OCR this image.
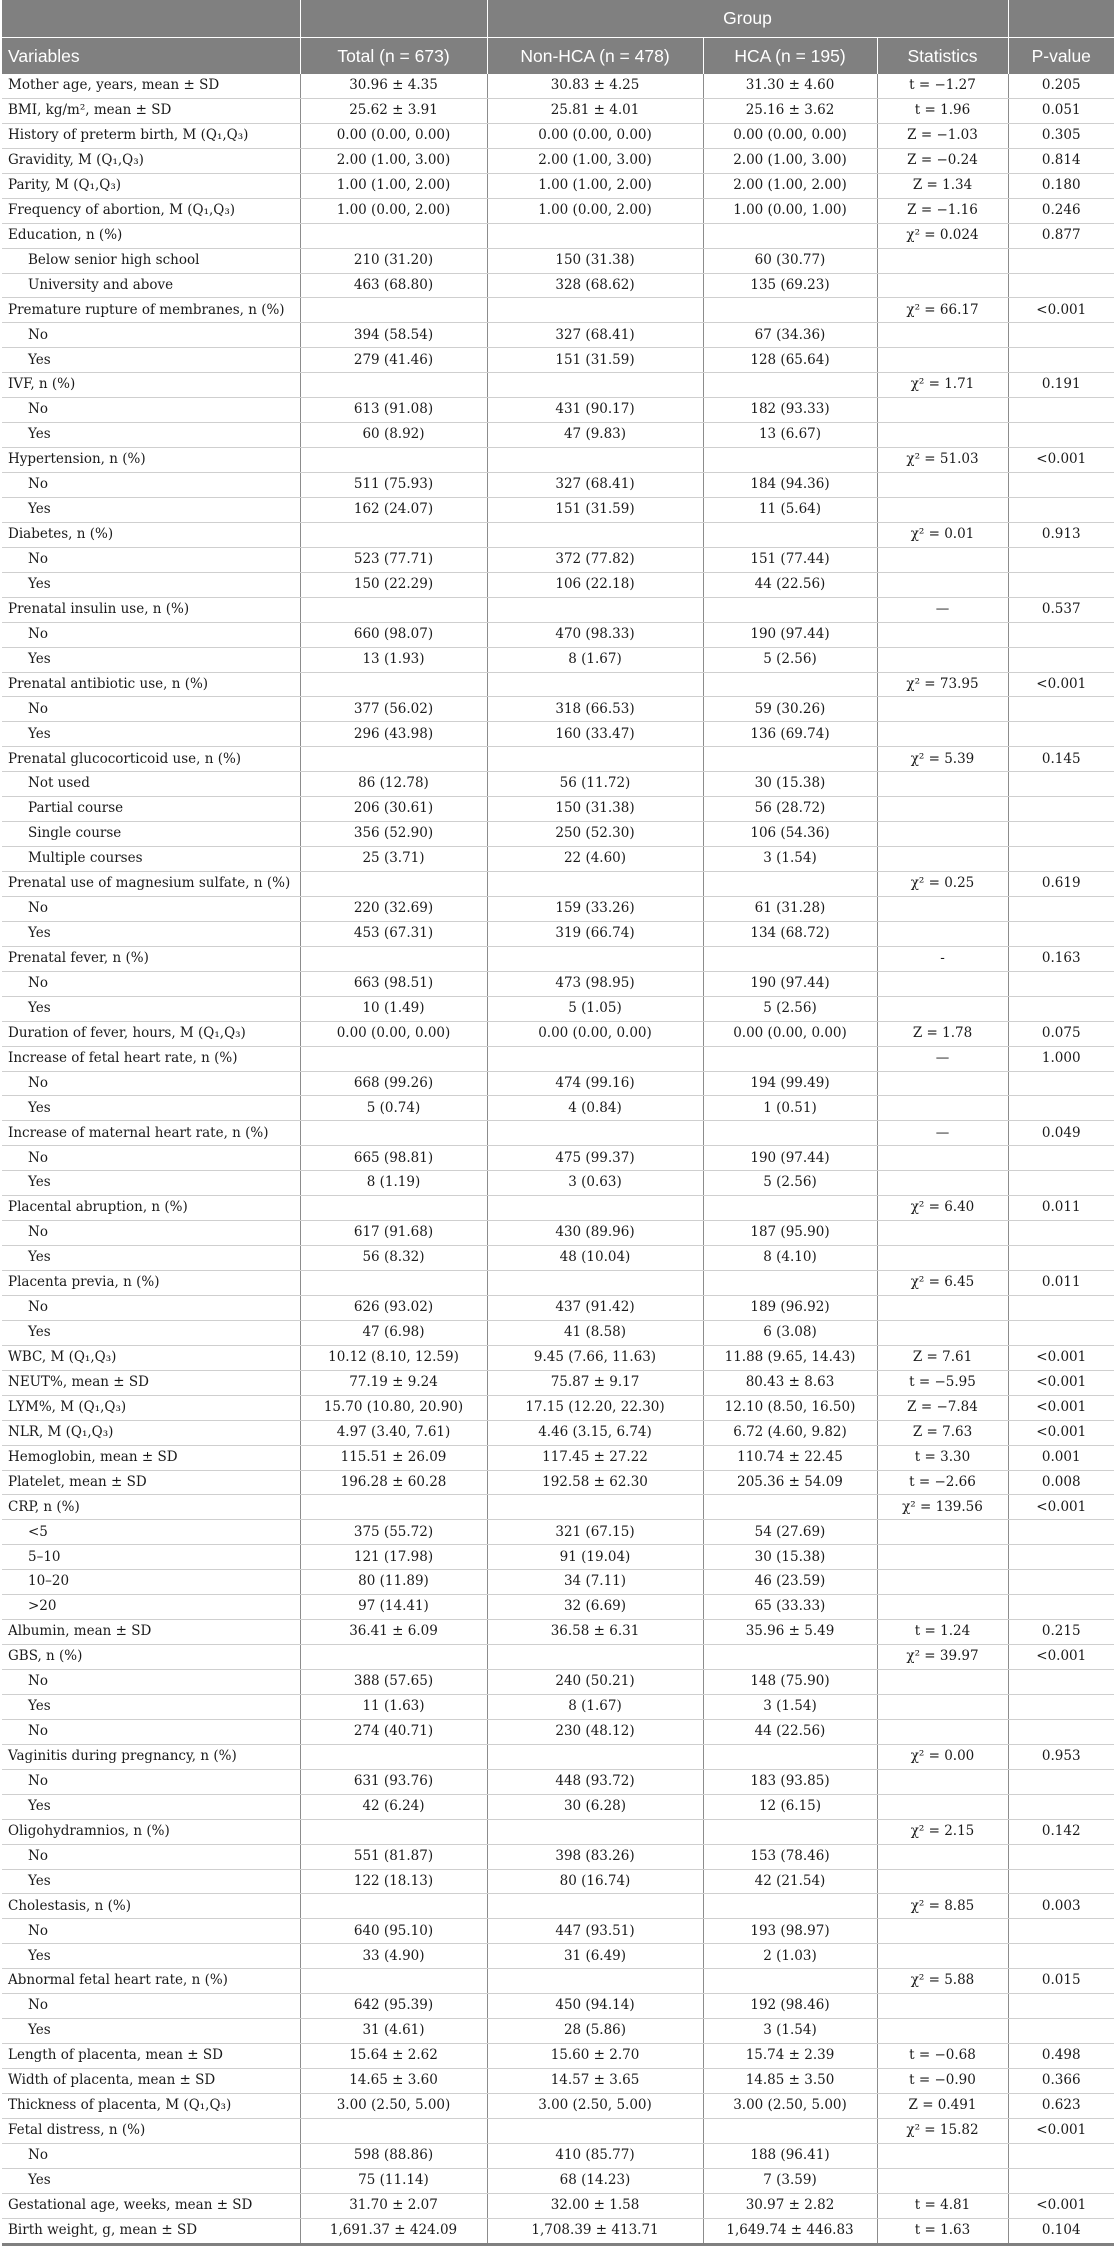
		Group			
Variables	Total (n = 673)	Non-HCA (n = 478)	HCA (n = 195)	Statistics	P-value
Mother age, years, mean ± SD	30.96 ± 4.35	30.83 ± 4.25	31.30 ± 4.60	t = −1.27	0.205
BMI, kg/m², mean ± SD	25.62 ± 3.91	25.81 ± 4.01	25.16 ± 3.62	t = 1.96	0.051
History of preterm birth, M (Q₁,Q₃)	0.00 (0.00, 0.00)	0.00 (0.00, 0.00)	0.00 (0.00, 0.00)	Z = −1.03	0.305
Gravidity, M (Q₁,Q₃)	2.00 (1.00, 3.00)	2.00 (1.00, 3.00)	2.00 (1.00, 3.00)	Z = −0.24	0.814
Parity, M (Q₁,Q₃)	1.00 (1.00, 2.00)	1.00 (1.00, 2.00)	2.00 (1.00, 2.00)	Z = 1.34	0.180
Frequency of abortion, M (Q₁,Q₃)	1.00 (0.00, 2.00)	1.00 (0.00, 2.00)	1.00 (0.00, 1.00)	Z = −1.16	0.246
Education, n (%)				χ² = 0.024	0.877
Below senior high school	210 (31.20)	150 (31.38)	60 (30.77)		
University and above	463 (68.80)	328 (68.62)	135 (69.23)		
Premature rupture of membranes, n (%)				χ² = 66.17	<0.001
No	394 (58.54)	327 (68.41)	67 (34.36)		
Yes	279 (41.46)	151 (31.59)	128 (65.64)		
IVF, n (%)				χ² = 1.71	0.191
No	613 (91.08)	431 (90.17)	182 (93.33)		
Yes	60 (8.92)	47 (9.83)	13 (6.67)		
Hypertension, n (%)				χ² = 51.03	<0.001
No	511 (75.93)	327 (68.41)	184 (94.36)		
Yes	162 (24.07)	151 (31.59)	11 (5.64)		
Diabetes, n (%)				χ² = 0.01	0.913
No	523 (77.71)	372 (77.82)	151 (77.44)		
Yes	150 (22.29)	106 (22.18)	44 (22.56)		
Prenatal insulin use, n (%)				—	0.537
No	660 (98.07)	470 (98.33)	190 (97.44)		
Yes	13 (1.93)	8 (1.67)	5 (2.56)		
Prenatal antibiotic use, n (%)				χ² = 73.95	<0.001
No	377 (56.02)	318 (66.53)	59 (30.26)		
Yes	296 (43.98)	160 (33.47)	136 (69.74)		
Prenatal glucocorticoid use, n (%)				χ² = 5.39	0.145
Not used	86 (12.78)	56 (11.72)	30 (15.38)		
Partial course	206 (30.61)	150 (31.38)	56 (28.72)		
Single course	356 (52.90)	250 (52.30)	106 (54.36)		
Multiple courses	25 (3.71)	22 (4.60)	3 (1.54)		
Prenatal use of magnesium sulfate, n (%)				χ² = 0.25	0.619
No	220 (32.69)	159 (33.26)	61 (31.28)		
Yes	453 (67.31)	319 (66.74)	134 (68.72)		
Prenatal fever, n (%)				-	0.163
No	663 (98.51)	473 (98.95)	190 (97.44)		
Yes	10 (1.49)	5 (1.05)	5 (2.56)		
Duration of fever, hours, M (Q₁,Q₃)	0.00 (0.00, 0.00)	0.00 (0.00, 0.00)	0.00 (0.00, 0.00)	Z = 1.78	0.075
Increase of fetal heart rate, n (%)				—	1.000
No	668 (99.26)	474 (99.16)	194 (99.49)		
Yes	5 (0.74)	4 (0.84)	1 (0.51)		
Increase of maternal heart rate, n (%)				—	0.049
No	665 (98.81)	475 (99.37)	190 (97.44)		
Yes	8 (1.19)	3 (0.63)	5 (2.56)		
Placental abruption, n (%)				χ² = 6.40	0.011
No	617 (91.68)	430 (89.96)	187 (95.90)		
Yes	56 (8.32)	48 (10.04)	8 (4.10)		
Placenta previa, n (%)				χ² = 6.45	0.011
No	626 (93.02)	437 (91.42)	189 (96.92)		
Yes	47 (6.98)	41 (8.58)	6 (3.08)		
WBC, M (Q₁,Q₃)	10.12 (8.10, 12.59)	9.45 (7.66, 11.63)	11.88 (9.65, 14.43)	Z = 7.61	<0.001
NEUT%, mean ± SD	77.19 ± 9.24	75.87 ± 9.17	80.43 ± 8.63	t = −5.95	<0.001
LYM%, M (Q₁,Q₃)	15.70 (10.80, 20.90)	17.15 (12.20, 22.30)	12.10 (8.50, 16.50)	Z = −7.84	<0.001
NLR, M (Q₁,Q₃)	4.97 (3.40, 7.61)	4.46 (3.15, 6.74)	6.72 (4.60, 9.82)	Z = 7.63	<0.001
Hemoglobin, mean ± SD	115.51 ± 26.09	117.45 ± 27.22	110.74 ± 22.45	t = 3.30	0.001
Platelet, mean ± SD	196.28 ± 60.28	192.58 ± 62.30	205.36 ± 54.09	t = −2.66	0.008
CRP, n (%)				χ² = 139.56	<0.001
<5	375 (55.72)	321 (67.15)	54 (27.69)		
5–10	121 (17.98)	91 (19.04)	30 (15.38)		
10–20	80 (11.89)	34 (7.11)	46 (23.59)		
>20	97 (14.41)	32 (6.69)	65 (33.33)		
Albumin, mean ± SD	36.41 ± 6.09	36.58 ± 6.31	35.96 ± 5.49	t = 1.24	0.215
GBS, n (%)				χ² = 39.97	<0.001
No	388 (57.65)	240 (50.21)	148 (75.90)		
Yes	11 (1.63)	8 (1.67)	3 (1.54)		
No	274 (40.71)	230 (48.12)	44 (22.56)		
Vaginitis during pregnancy, n (%)				χ² = 0.00	0.953
No	631 (93.76)	448 (93.72)	183 (93.85)		
Yes	42 (6.24)	30 (6.28)	12 (6.15)		
Oligohydramnios, n (%)				χ² = 2.15	0.142
No	551 (81.87)	398 (83.26)	153 (78.46)		
Yes	122 (18.13)	80 (16.74)	42 (21.54)		
Cholestasis, n (%)				χ² = 8.85	0.003
No	640 (95.10)	447 (93.51)	193 (98.97)		
Yes	33 (4.90)	31 (6.49)	2 (1.03)		
Abnormal fetal heart rate, n (%)				χ² = 5.88	0.015
No	642 (95.39)	450 (94.14)	192 (98.46)		
Yes	31 (4.61)	28 (5.86)	3 (1.54)		
Length of placenta, mean ± SD	15.64 ± 2.62	15.60 ± 2.70	15.74 ± 2.39	t = −0.68	0.498
Width of placenta, mean ± SD	14.65 ± 3.60	14.57 ± 3.65	14.85 ± 3.50	t = −0.90	0.366
Thickness of placenta, M (Q₁,Q₃)	3.00 (2.50, 5.00)	3.00 (2.50, 5.00)	3.00 (2.50, 5.00)	Z = 0.491	0.623
Fetal distress, n (%)				χ² = 15.82	<0.001
No	598 (88.86)	410 (85.77)	188 (96.41)		
Yes	75 (11.14)	68 (14.23)	7 (3.59)		
Gestational age, weeks, mean ± SD	31.70 ± 2.07	32.00 ± 1.58	30.97 ± 2.82	t = 4.81	<0.001
Birth weight, g, mean ± SD	1,691.37 ± 424.09	1,708.39 ± 413.71	1,649.74 ± 446.83	t = 1.63	0.104
